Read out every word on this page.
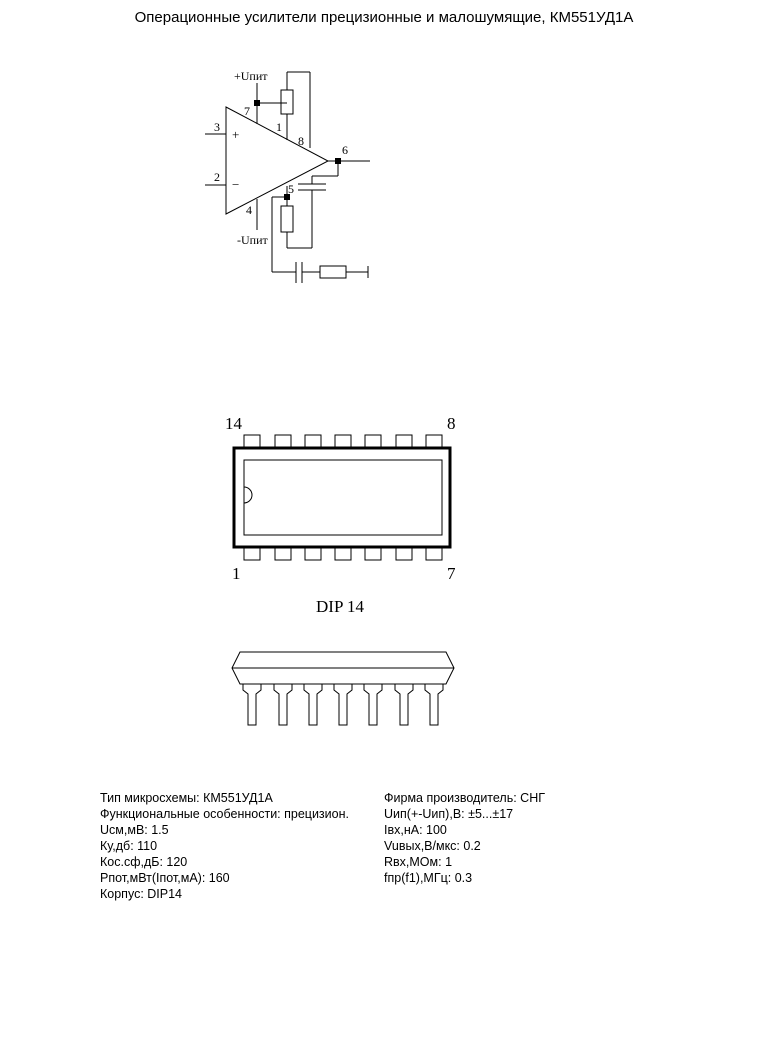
Операционные усилители прецизионные и малошумящие, КМ551УД1А
+Uпит
-Uпит
7
1
8
6
5
4
3
2
+
−
14	8
1	7
DIP 14
Тип микросхемы: КМ551УД1А
Функциональные особенности: прецизион.
Uсм,мВ: 1.5
Ку,дб: 110
Кос.сф,дБ: 120
Рпот,мВт(Iпот,мА): 160
Корпус: DIP14
Фирма производитель: СНГ
Uип(+-Uип),В: ±5...±17
Iвх,нА: 100
Vuвых,В/мкс: 0.2
Rвх,МОм: 1
fпр(f1),МГц: 0.3
